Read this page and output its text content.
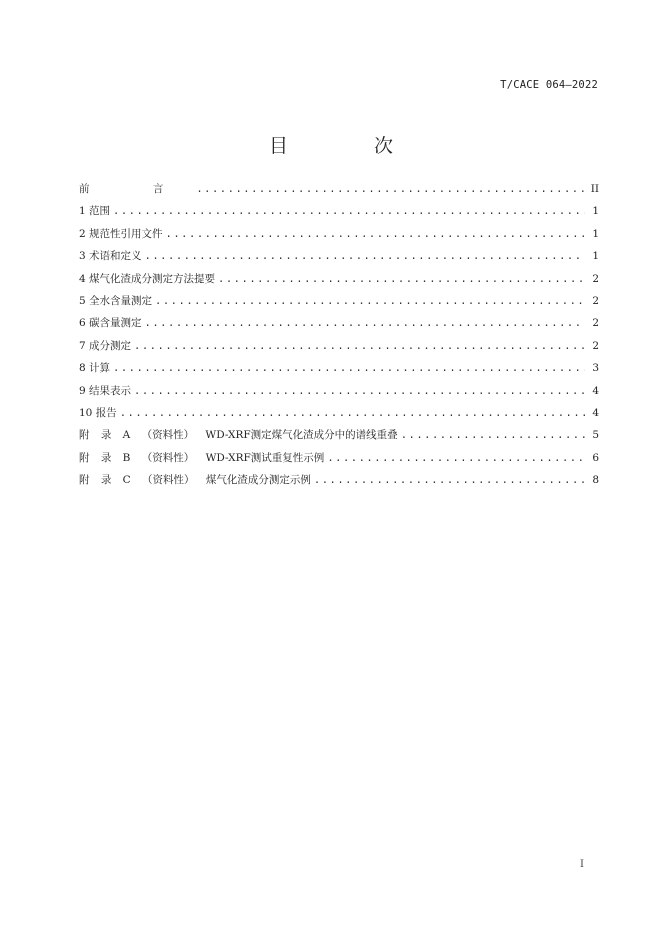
T/CACE 064—2022
目 次
前 言 .....	II
1 范围 .....	1
2 规范性引用文件 .....	1
3 术语和定义 .....	1
4 煤气化渣成分测定方法提要 .....	2
5 全水含量测定 .....	2
6 碳含量测定 .....	2
7 成分测定 .....	2
8 计算 .....	3
9 结果表示 .....	4
10 报告 .....	4
附 录 A （资料性） WD-XRF测定煤气化渣成分中的谱线重叠 .....	5
附 录 B （资料性） WD-XRF测试重复性示例 .....	6
附 录 C （资料性） 煤气化渣成分测定示例 .....	8
I
